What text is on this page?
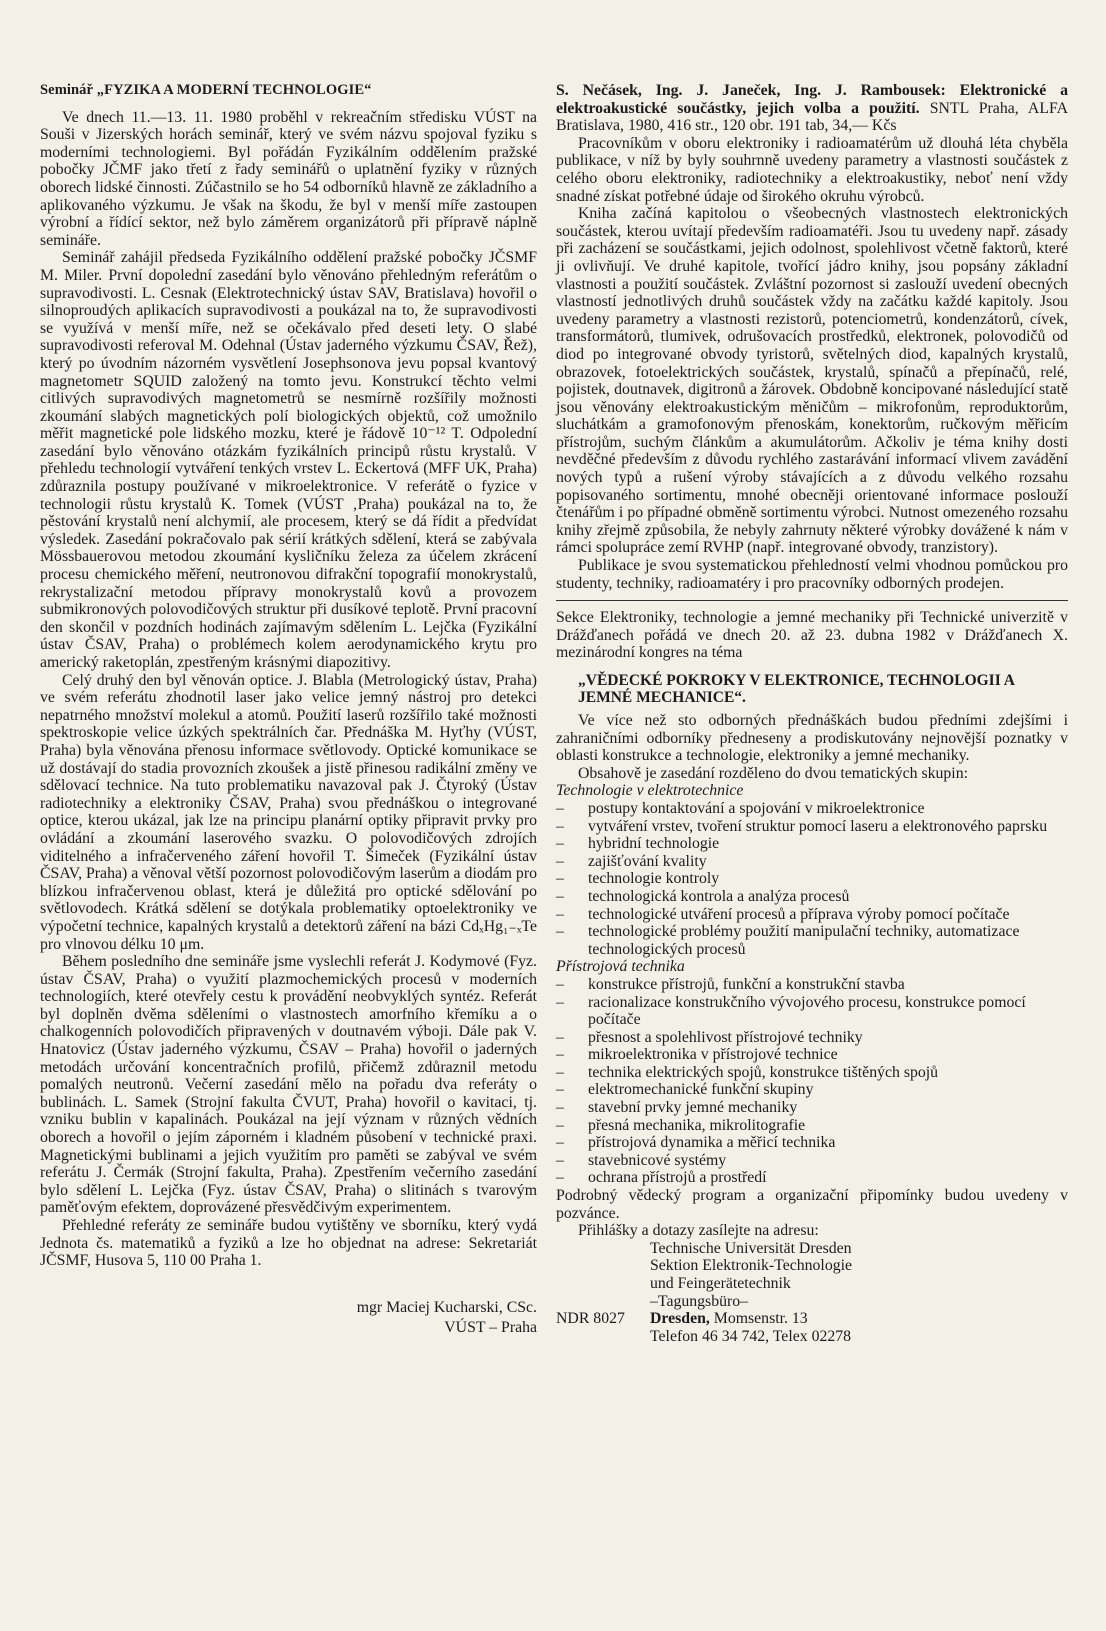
Seminář „FYZIKA A MODERNÍ TECHNOLOGIE“

Ve dnech 11.—13. 11. 1980 proběhl v rekreačním středisku VÚST na Souši v Jizerských horách seminář, který ve svém názvu spojoval fyziku s moderními technologiemi. Byl pořádán Fyzikálním oddělením pražské pobočky JČMF jako třetí z řady seminářů o uplatnění fyziky v různých oborech lidské činnosti. Zúčastnilo se ho 54 odborníků hlavně ze základního a aplikovaného výzkumu. Je však na škodu, že byl v menší míře zastoupen výrobní a řídící sektor, než bylo záměrem organizátorů při přípravě náplně semináře.

Seminář zahájil předseda Fyzikálního oddělení pražské pobočky JČSMF M. Miler. První dopolední zasedání bylo věnováno přehledným referátům o supravodivosti. L. Cesnak (Elektrotechnický ústav SAV, Bratislava) hovořil o silnoproudých aplikacích supravodivosti a poukázal na to, že supravodivosti se využívá v menší míře, než se očekávalo před deseti lety. O slabé supravodivosti referoval M. Odehnal (Ústav jaderného výzkumu ČSAV, Řež), který po úvodním názorném vysvětlení Josephsonova jevu popsal kvantový magnetometr SQUID založený na tomto jevu. Konstrukcí těchto velmi citlivých supravodivých magnetometrů se nesmírně rozšířily možnosti zkoumání slabých magnetických polí biologických objektů, což umožnilo měřit magnetické pole lidského mozku, které je řádově 10⁻¹² T. Odpolední zasedání bylo věnováno otázkám fyzikálních principů růstu krystalů. V přehledu technologií vytváření tenkých vrstev L. Eckertová (MFF UK, Praha) zdůraznila postupy používané v mikroelektronice. V referátě o fyzice v technologii růstu krystalů K. Tomek (VÚST ‚Praha) poukázal na to, že pěstování krystalů není alchymií, ale procesem, který se dá řídit a předvídat výsledek. Zasedání pokračovalo pak sérií krátkých sdělení, která se zabývala Mössbauerovou metodou zkoumání kysličníku železa za účelem zkrácení procesu chemického měření, neutronovou difrakční topografií monokrystalů, rekrystalizační metodou přípravy monokrystalů kovů a provozem submikronových polovodičových struktur při dusíkové teplotě. První pracovní den skončil v pozdních hodinách zajímavým sdělením L. Lejčka (Fyzikální ústav ČSAV, Praha) o problémech kolem aerodynamického krytu pro americký raketoplán, zpestřeným krásnými diapozitivy.

Celý druhý den byl věnován optice. J. Blabla (Metrologický ústav, Praha) ve svém referátu zhodnotil laser jako velice jemný nástroj pro detekci nepatrného množství molekul a atomů. Použití laserů rozšířilo také možnosti spektroskopie velice úzkých spektrálních čar. Přednáška M. Hyťhy (VÚST, Praha) byla věnována přenosu informace světlovody. Optické komunikace se už dostávají do stadia provozních zkoušek a jistě přinesou radikální změny ve sdělovací technice. Na tuto problematiku navazoval pak J. Čtyroký (Ústav radiotechniky a elektroniky ČSAV, Praha) svou přednáškou o integrované optice, kterou ukázal, jak lze na principu planární optiky připravit prvky pro ovládání a zkoumání laserového svazku. O polovodičových zdrojích viditelného a infračerveného záření hovořil T. Šimeček (Fyzikální ústav ČSAV, Praha) a věnoval větší pozornost polovodičovým laserům a diodám pro blízkou infračervenou oblast, která je důležitá pro optické sdělování po světlovodech. Krátká sdělení se dotýkala problematiky optoelektroniky ve výpočetní technice, kapalných krystalů a detektorů záření na bázi CdₓHg₁₋ₓTe pro vlnovou délku 10 μm.

Během posledního dne semináře jsme vyslechli referát J. Kodymové (Fyz. ústav ČSAV, Praha) o využití plazmochemických procesů v moderních technologiích, které otevřely cestu k provádění neobvyklých syntéz. Referát byl doplněn dvěma sděleními o vlastnostech amorfního křemíku a o chalkogenních polovodičích připravených v doutnavém výboji. Dále pak V. Hnatovicz (Ústav jaderného výzkumu, ČSAV – Praha) hovořil o jaderných metodách určování koncentračních profilů, přičemž zdůraznil metodu pomalých neutronů. Večerní zasedání mělo na pořadu dva referáty o bublinách. L. Samek (Strojní fakulta ČVUT, Praha) hovořil o kavitaci, tj. vzniku bublin v kapalinách. Poukázal na její význam v různých vědních oborech a hovořil o jejím záporném i kladném působení v technické praxi. Magnetickými bublinami a jejich využitím pro paměti se zabýval ve svém referátu J. Čermák (Strojní fakulta, Praha). Zpestřením večerního zasedání bylo sdělení L. Lejčka (Fyz. ústav ČSAV, Praha) o slitinách s tvarovým paměťovým efektem, doprovázené přesvědčivým experimentem.

Přehledné referáty ze semináře budou vytištěny ve sborníku, který vydá Jednota čs. matematiků a fyziků a lze ho objednat na adrese: Sekretariát JČSMF, Husova 5, 110 00 Praha 1.

mgr Maciej Kucharski, CSc.
VÚST – Praha

S. Nečásek, Ing. J. Janeček, Ing. J. Rambousek: Elektronické a elektroakustické součástky, jejich volba a použití. SNTL Praha, ALFA Bratislava, 1980, 416 str., 120 obr. 191 tab, 34,— Kčs

Pracovníkům v oboru elektroniky i radioamatérům už dlouhá léta chyběla publikace, v níž by byly souhrnně uvedeny parametry a vlastnosti součástek z celého oboru elektroniky, radiotechniky a elektroakustiky, neboť není vždy snadné získat potřebné údaje od širokého okruhu výrobců.

Kniha začíná kapitolou o všeobecných vlastnostech elektronických součástek, kterou uvítají především radioamatéři. Jsou tu uvedeny např. zásady při zacházení se součástkami, jejich odolnost, spolehlivost včetně faktorů, které ji ovlivňují. Ve druhé kapitole, tvořící jádro knihy, jsou popsány základní vlastnosti a použití součástek. Zvláštní pozornost si zaslouží uvedení obecných vlastností jednotlivých druhů součástek vždy na začátku každé kapitoly. Jsou uvedeny parametry a vlastnosti rezistorů, potenciometrů, kondenzátorů, cívek, transformátorů, tlumivek, odrušovacích prostředků, elektronek, polovodičů od diod po integrované obvody tyristorů, světelných diod, kapalných krystalů, obrazovek, fotoelektrických součástek, krystalů, spínačů a přepínačů, relé, pojistek, doutnavek, digitronů a žárovek. Obdobně koncipované následující statě jsou věnovány elektroakustickým měničům – mikrofonům, reproduktorům, sluchátkám a gramofonovým přenoskám, konektorům, ručkovým měřicím přístrojům, suchým článkům a akumulátorům. Ačkoliv je téma knihy dosti nevděčné především z důvodu rychlého zastarávání informací vlivem zavádění nových typů a rušení výroby stávajících a z důvodu velkého rozsahu popisovaného sortimentu, mnohé obecněji orientované informace poslouží čtenářům i po případné obměně sortimentu výrobci. Nutnost omezeného rozsahu knihy zřejmě způsobila, že nebyly zahrnuty některé výrobky dovážené k nám v rámci spolupráce zemí RVHP (např. integrované obvody, tranzistory).

Publikace je svou systematickou přehledností velmi vhodnou pomůckou pro studenty, techniky, radioamatéry i pro pracovníky odborných prodejen.

Sekce Elektroniky, technologie a jemné mechaniky při Technické univerzitě v Drážďanech pořádá ve dnech 20. až 23. dubna 1982 v Drážďanech X. mezinárodní kongres na téma

„VĚDECKÉ POKROKY V ELEKTRONICE, TECHNOLOGII A JEMNÉ MECHANICE“.

Ve více než sto odborných přednáškách budou předními zdejšími i zahraničními odborníky předneseny a prodiskutovány nejnovější poznatky v oblasti konstrukce a technologie, elektroniky a jemné mechaniky.

Obsahově je zasedání rozděleno do dvou tematických skupin:

Technologie v elektrotechnice

– postupy kontaktování a spojování v mikroelektronice
– vytváření vrstev, tvoření struktur pomocí laseru a elektronového paprsku
– hybridní technologie
– zajišťování kvality
– technologie kontroly
– technologická kontrola a analýza procesů
– technologické utváření procesů a příprava výroby pomocí počítače
– technologické problémy použití manipulační techniky, automatizace technologických procesů

Přístrojová technika

– konstrukce přístrojů, funkční a konstrukční stavba
– racionalizace konstrukčního vývojového procesu, konstrukce pomocí počítače
– přesnost a spolehlivost přístrojové techniky
– mikroelektronika v přístrojové technice
– technika elektrických spojů, konstrukce tištěných spojů
– elektromechanické funkční skupiny
– stavební prvky jemné mechaniky
– přesná mechanika, mikrolitografie
– přístrojová dynamika a měřicí technika
– stavebnicové systémy
– ochrana přístrojů a prostředí

Podrobný vědecký program a organizační připomínky budou uvedeny v pozvánce.

Přihlášky a dotazy zasílejte na adresu:

Technische Universität Dresden
Sektion Elektronik-Technologie
und Feingerätetechnik
–Tagungsbüro–
NDR 8027	Dresden, Momsenstr. 13
Telefon 46 34 742, Telex 02278
